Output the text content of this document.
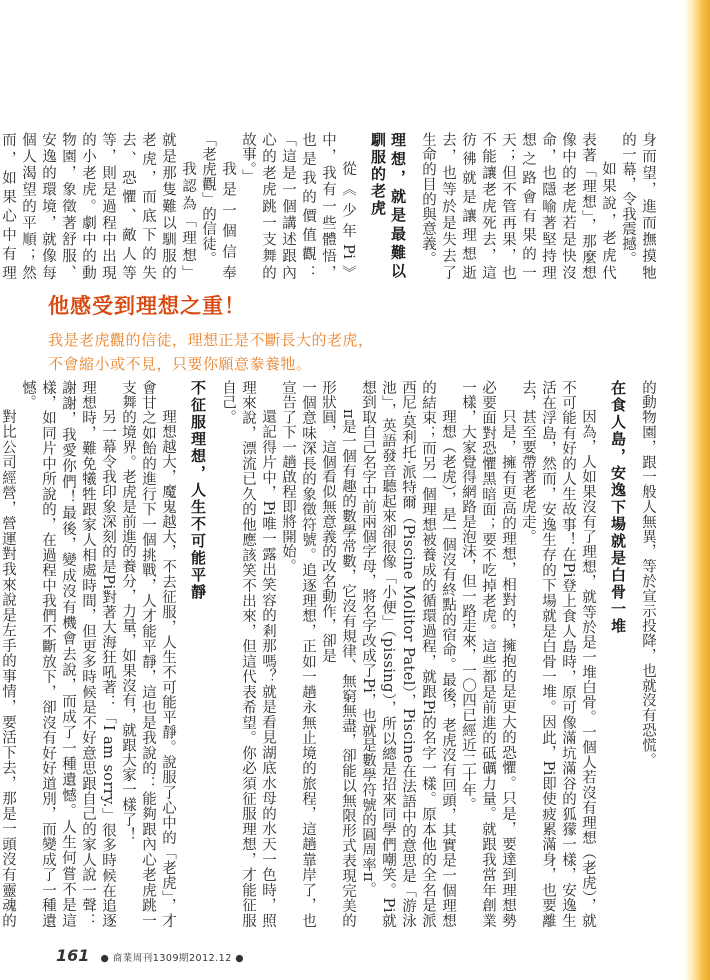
身而望，進而撫摸牠的一幕，令我震撼。

如果說，老虎代表著「理想」，那麼想像中的老虎若是快沒命，也隱喻著堅持理想之路會有果的一天；但不管再果，也不能讓老虎死去，這彷彿就是讓理想逝去，也等於是失去了生命的目的與意義。

理想，就是最難以馴服的老虎

從《少年Pi》中，我有一些體悟，也是我的價值觀：「這是一個講述跟內心的老虎跳一支舞的故事。」

我是一個信奉「老虎觀」的信徒。

我認為「理想」就是那隻難以馴服的老虎，而底下的失去、恐懼、敵人等等，則是過程中出現的小老虎。劇中的動物園，象徵著舒服、安逸的環境，就像每個人渴望的平順；然而，如果心中有理

他感受到理想之重！

我是老虎觀的信徒，理想正是不斷長大的老虎，

不會縮小或不見，只要你願意豢養牠。

的動物園，跟一般人無異，等於宣示投降，也就沒有恐慌。

在食人島，安逸下場就是白骨一堆

因為，人如果沒有了理想，就等於是一堆白骨。一個人若沒有理想（老虎），就不可能有好的人生故事！在Pi登上食人島時，原可像滿坑滿谷的狐獴一樣，安逸生活在浮島，然而，安逸生存的下場就是白骨一堆。因此，Pi即使疲累滿身，也要離去，甚至要帶著老虎走。

只是，擁有更高的理想，相對的，擁抱的是更大的恐懼。只是，要達到理想勢必要面對恐懼黑暗面；要不吃掉老虎。這些都是前進的砥礪力量。就跟我當年創業一樣，大家覺得網路是泡沫，但一路走來，一〇四已經近二十年。

理想（老虎），是一個沒有終點的宿命。最後，老虎沒有回頭，其實是一個理想的結束；而另一個理想被養成的循環過程，就跟Pi的名字一樣。原本他的全名是派西尼‧莫利托‧派特爾（Piscine Molitor Patel），Piscine在法語中的意思是「游泳池」，英語發音聽起來卻很像「小便」（pissing），所以總是招來同學們嘲笑。Pi就想到取自己名字中前兩個字母，將名字改成了Pi，也就是數學符號的圓周率π。

π是一個有趣的數學常數，它沒有規律、無窮無盡，卻能以無限形式表現完美的形狀圓，這個看似無意義的改名動作，卻是

一個意味深長的象徵符號。追逐理想，正如一趟永無止境的旅程，這趟靠岸了，也宣告了下一趟啟程即將開始。

還記得片中，Pi唯一露出笑容的剎那嗎？就是看見湖底水母的水天一色時，照理來說，漂流已久的他應該笑不出來，但這代表希望。你必須征服理想，才能征服自己。

不征服理想，人生不可能平靜

理想越大，魔鬼越大，不去征服，人生不可能平靜。說服了心中的「老虎」，才會甘之如飴的進行下一個挑戰，人才能平靜，這也是我說的：能夠跟內心老虎跳一支舞的境界。老虎是前進的養分，力量，如果沒有，就跟大家一樣了！

另一幕令我印象深刻的是Pi對著大海狂吼著：「I am sorry.」很多時候在追逐理想時，難免犧牲跟家人相處時間，但更多時候是不好意思跟自己的家人說一聲：謝謝，我愛你們！最後，變成沒有機會去說，而成了一種遺憾。人生何嘗不是這樣，如同片中所說的，在過程中我們不斷放下，卻沒有好好道別，而變成了一種遺憾。

對比公司經營，營運對我來說是左手的事情，要活下去，那是一頭沒有靈魂的

161 ● 商業周刊1309期2012.12 ●
